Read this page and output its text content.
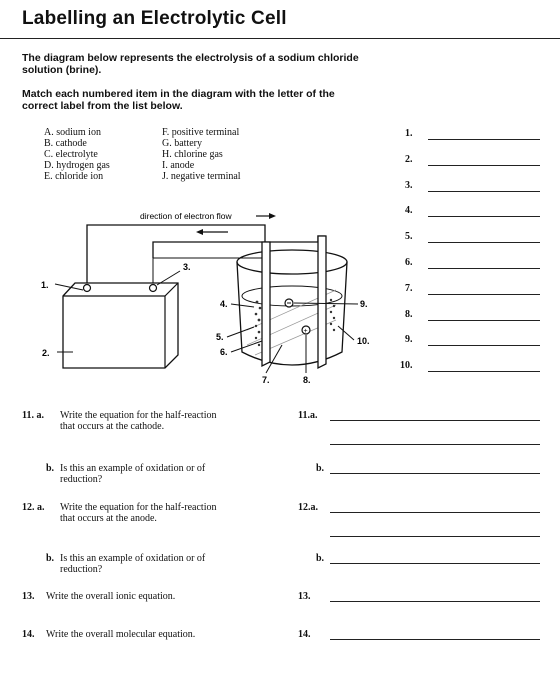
Labelling an Electrolytic Cell
The diagram below represents the electrolysis of a sodium chloride
solution (brine).
Match each numbered item in the diagram with the letter of the
correct label from the list below.
A. sodium ion
B. cathode
C. electrolyte
D. hydrogen gas
E. chloride ion
F. positive terminal
G. battery
H. chlorine gas
I. anode
J. negative terminal
1.
2.
3.
4.
5.
6.
7.
8.
9.
10.
direction of electron flow
+
1.
2.
3.
4.
5.
6.
7.	8.
9.
10.
11. a. Write the equation for the half-reaction
that occurs at the cathode.
11.a.
b. Is this an example of oxidation or of
reduction?
b.
12. a. Write the equation for the half-reaction
that occurs at the anode.
12.a.
b. Is this an example of oxidation or of
reduction?
b.
13. Write the overall ionic equation.	13.
14. Write the overall molecular equation.	14.
